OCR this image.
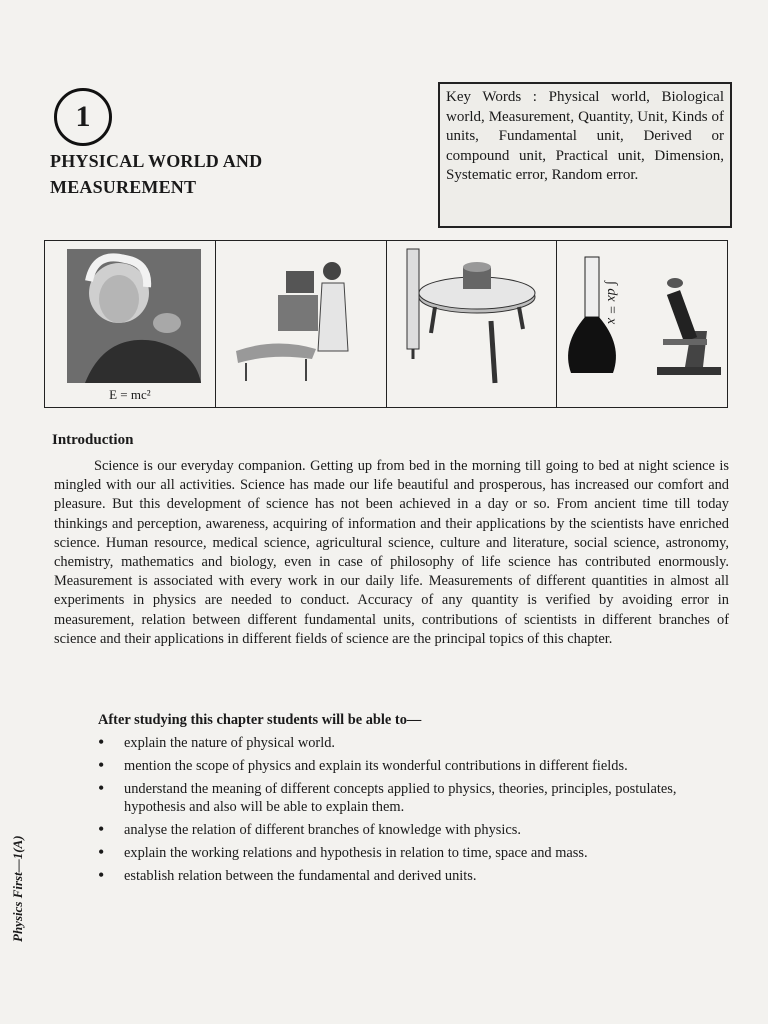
1
PHYSICAL WORLD AND MEASUREMENT
Key Words : Physical world, Biological world, Measurement, Quantity, Unit, Kinds of units, Fundamental unit, Derived or compound unit, Practical unit, Dimension, Systematic error, Random error.
E = mc²
∫ dx = x
Introduction

Science is our everyday companion. Getting up from bed in the morning till going to bed at night science is mingled with our all activities. Science has made our life beautiful and prosperous, has increased our comfort and pleasure. But this development of science has not been achieved in a day or so. From ancient time till today thinkings and perception, awareness, acquiring of information and their applications by the scientists have enriched science. Human resource, medical science, agricultural science, culture and literature, social science, astronomy, chemistry, mathematics and biology, even in case of philosophy of life science has contributed enormously. Measurement is associated with every work in our daily life. Measurements of different quantities in almost all experiments in physics are needed to conduct. Accuracy of any quantity is verified by avoiding error in measurement, relation between different fundamental units, contributions of scientists in different branches of science and their applications in different fields of science are the principal topics of this chapter.

After studying this chapter students will be able to—
• explain the nature of physical world.
• mention the scope of physics and explain its wonderful contributions in different fields.
• understand the meaning of different concepts applied to physics, theories, principles, postulates, hypothesis and also will be able to explain them.
• analyse the relation of different branches of knowledge with physics.
• explain the working relations and hypothesis in relation to time, space and mass.
• establish relation between the fundamental and derived units.
Physics First—1(A)
